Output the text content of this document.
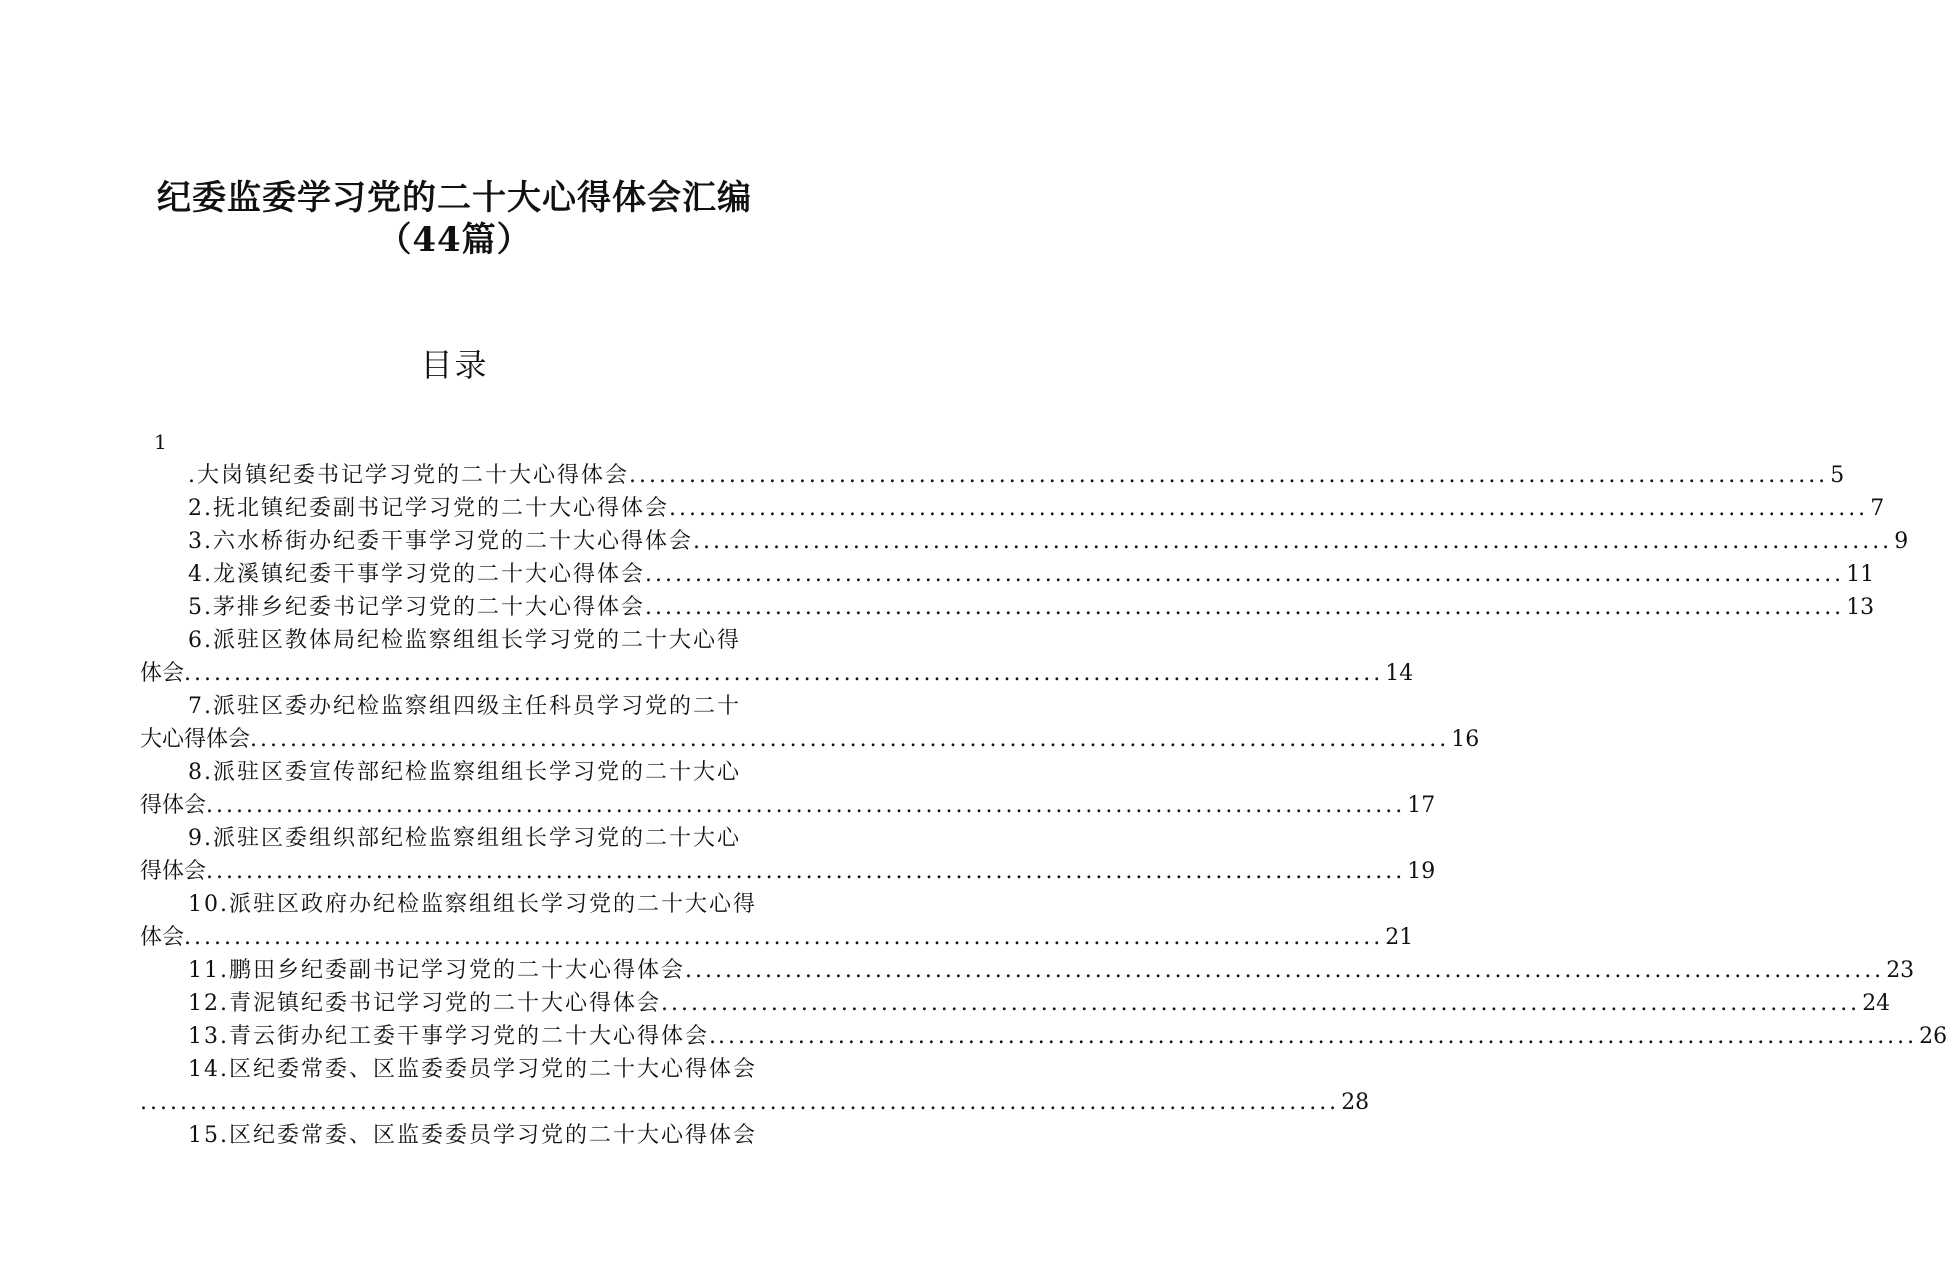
纪委监委学习党的二十大心得体会汇编
（44篇）
目录
1
.大岗镇纪委书记学习党的二十大心得体会 ........................................................................................................................ 5
2.抚北镇纪委副书记学习党的二十大心得体会 ........................................................................................................................ 7
3.六水桥街办纪委干事学习党的二十大心得体会 ........................................................................................................................ 9
4.龙溪镇纪委干事学习党的二十大心得体会 ........................................................................................................................ 11
5.茅排乡纪委书记学习党的二十大心得体会 ........................................................................................................................ 13
6.派驻区教体局纪检监察组组长学习党的二十大心得
体会 ........................................................................................................................ 14
7.派驻区委办纪检监察组四级主任科员学习党的二十
大心得体会 ........................................................................................................................ 16
8.派驻区委宣传部纪检监察组组长学习党的二十大心
得体会 ........................................................................................................................ 17
9.派驻区委组织部纪检监察组组长学习党的二十大心
得体会 ........................................................................................................................ 19
10.派驻区政府办纪检监察组组长学习党的二十大心得
体会 ........................................................................................................................ 21
11.鹏田乡纪委副书记学习党的二十大心得体会 ........................................................................................................................ 23
12.青泥镇纪委书记学习党的二十大心得体会 ........................................................................................................................ 24
13.青云街办纪工委干事学习党的二十大心得体会. ........................................................................................................................ 26
14.区纪委常委、区监委委员学习党的二十大心得体会
........................................................................................................................ 28
15.区纪委常委、区监委委员学习党的二十大心得体会
